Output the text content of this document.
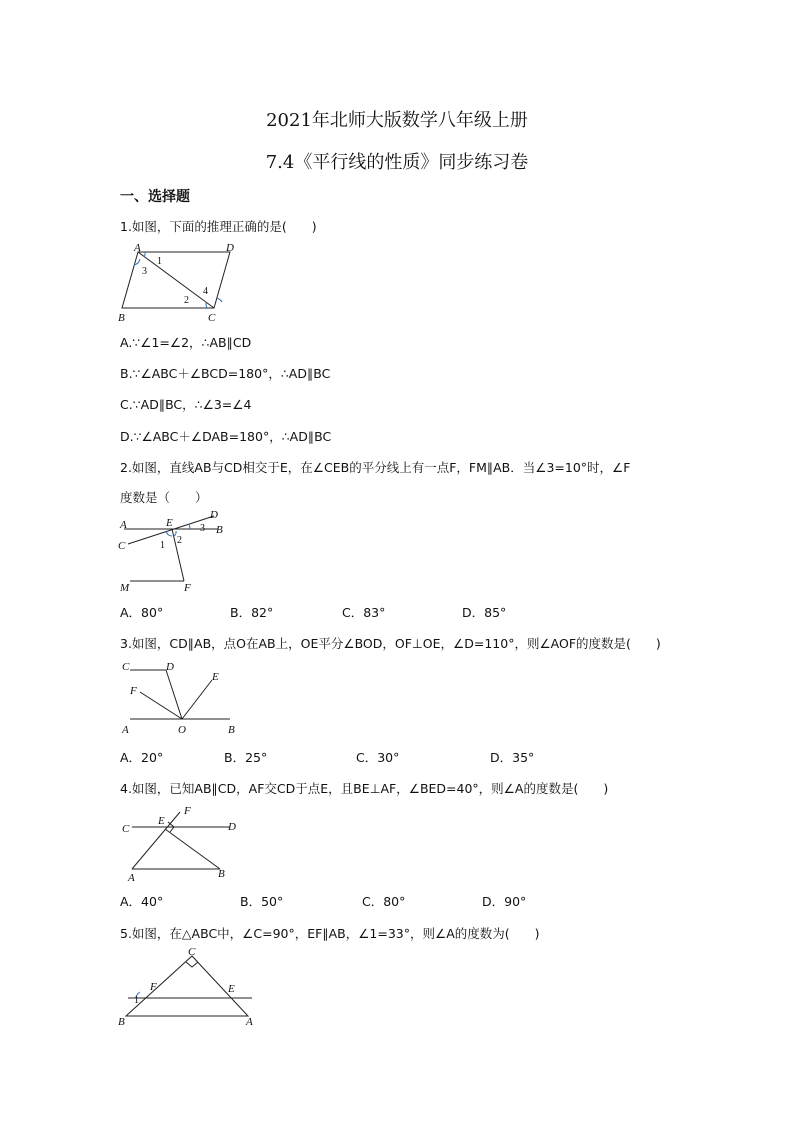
2021年北师大版数学八年级上册
7.4《平行线的性质》同步练习卷
一、选择题
1.如图，下面的推理正确的是(　　)
A	D
B	C
1
3
2
4
A.∵∠1=∠2，∴AB∥CD
B.∵∠ABC＋∠BCD=180°，∴AD∥BC
C.∵AD∥BC，∴∠3=∠4
D.∵∠ABC＋∠DAB=180°，∴AD∥BC
2.如图，直线AB与CD相交于E，在∠CEB的平分线上有一点F，FM∥AB．当∠3=10°时，∠F
度数是（　　）
A	E
D
B
C
M	F
1 2
3
A．80°	B．82°	C．83°	D．85°
3.如图，CD∥AB，点O在AB上，OE平分∠BOD，OF⊥OE，∠D=110°，则∠AOF的度数是(　　)
C	D
F
E
A	O	B
A．20°	B．25°	C．30°	D．35°
4.如图，已知AB∥CD，AF交CD于点E，且BE⊥AF，∠BED=40°，则∠A的度数是(　　)
F
C
E	D
A	B
A．40°	B．50°	C．80°	D．90°
5.如图，在△ABC中，∠C=90°，EF∥AB，∠1=33°，则∠A的度数为(　　)
C
F	E
1
B	A
